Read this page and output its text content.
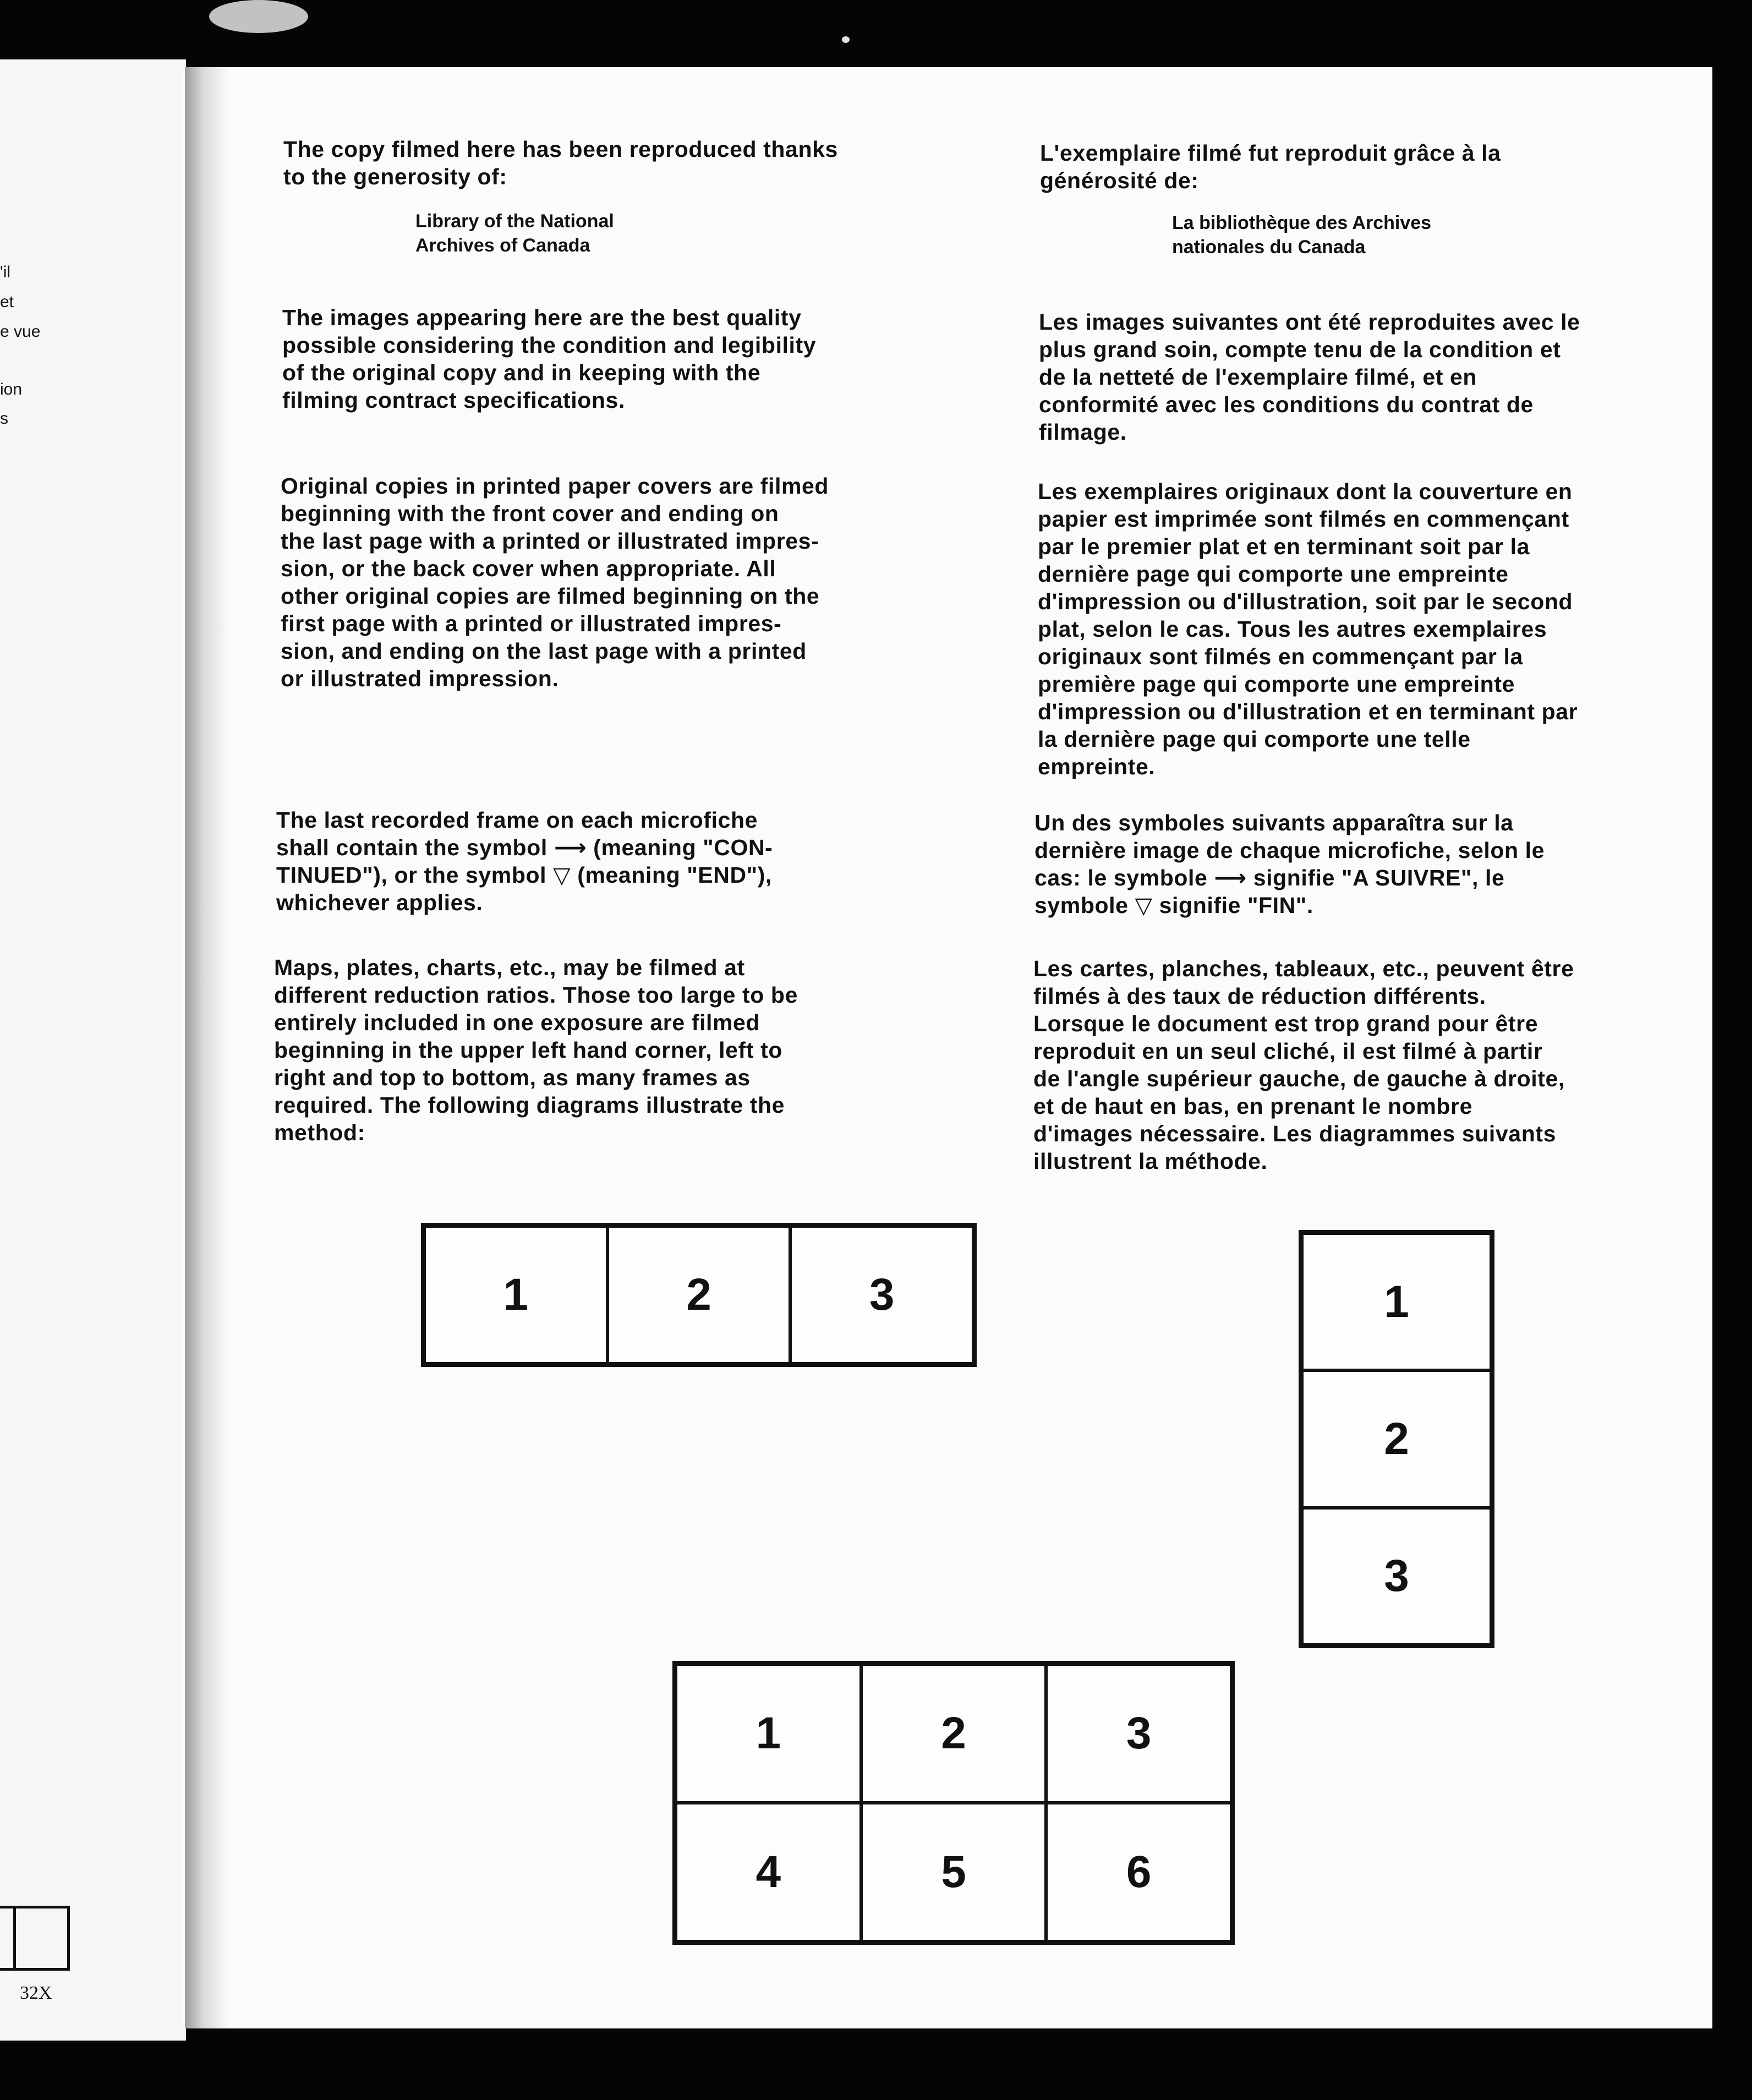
'il
et
e vue
ion
s
32X

The copy filmed here has been reproduced thanks
to the generosity of:

Library of the National
Archives of Canada

The images appearing here are the best quality
possible considering the condition and legibility
of the original copy and in keeping with the
filming contract specifications.

Original copies in printed paper covers are filmed
beginning with the front cover and ending on
the last page with a printed or illustrated impres-
sion, or the back cover when appropriate. All
other original copies are filmed beginning on the
first page with a printed or illustrated impres-
sion, and ending on the last page with a printed
or illustrated impression.

The last recorded frame on each microfiche
shall contain the symbol ⟶ (meaning "CON-
TINUED"), or the symbol ▽ (meaning "END"),
whichever applies.

Maps, plates, charts, etc., may be filmed at
different reduction ratios. Those too large to be
entirely included in one exposure are filmed
beginning in the upper left hand corner, left to
right and top to bottom, as many frames as
required. The following diagrams illustrate the
method:

L'exemplaire filmé fut reproduit grâce à la
générosité de:

La bibliothèque des Archives
nationales du Canada

Les images suivantes ont été reproduites avec le
plus grand soin, compte tenu de la condition et
de la netteté de l'exemplaire filmé, et en
conformité avec les conditions du contrat de
filmage.

Les exemplaires originaux dont la couverture en
papier est imprimée sont filmés en commençant
par le premier plat et en terminant soit par la
dernière page qui comporte une empreinte
d'impression ou d'illustration, soit par le second
plat, selon le cas. Tous les autres exemplaires
originaux sont filmés en commençant par la
première page qui comporte une empreinte
d'impression ou d'illustration et en terminant par
la dernière page qui comporte une telle
empreinte.

Un des symboles suivants apparaîtra sur la
dernière image de chaque microfiche, selon le
cas: le symbole ⟶ signifie "A SUIVRE", le
symbole ▽ signifie "FIN".

Les cartes, planches, tableaux, etc., peuvent être
filmés à des taux de réduction différents.
Lorsque le document est trop grand pour être
reproduit en un seul cliché, il est filmé à partir
de l'angle supérieur gauche, de gauche à droite,
et de haut en bas, en prenant le nombre
d'images nécessaire. Les diagrammes suivants
illustrent la méthode.

1	2	3	1
2
3
1	2	3
4	5	6
